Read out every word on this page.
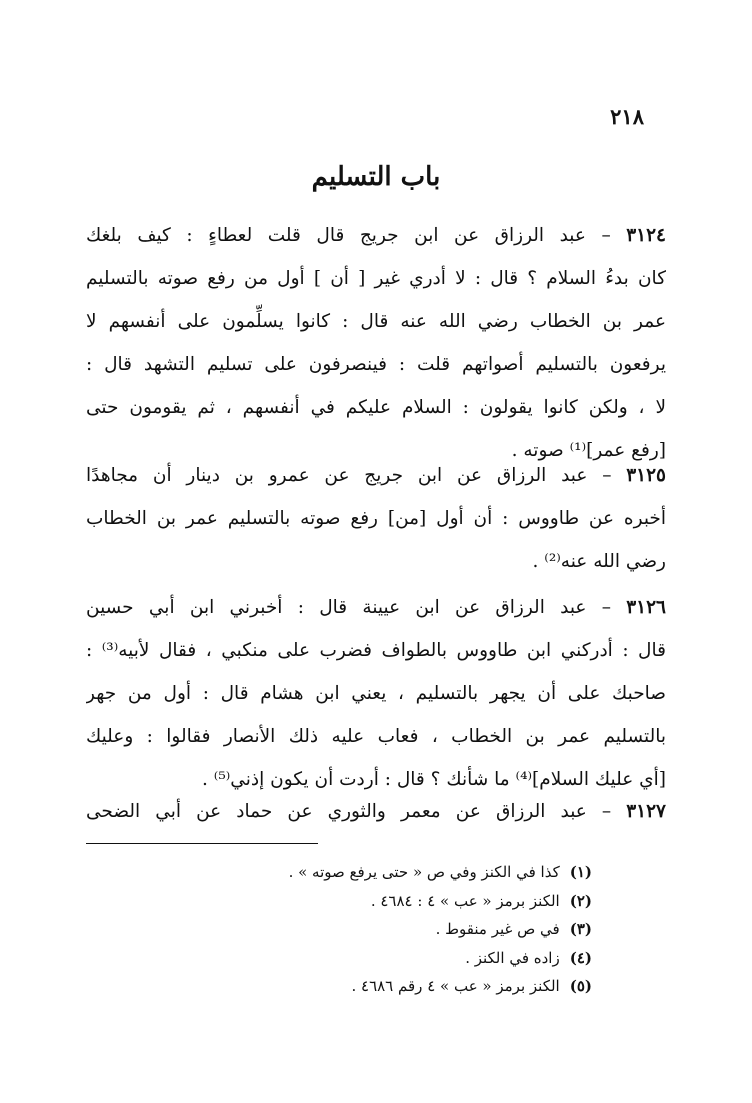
٢١٨
باب التسليم
٣١٢٤ – عبد الرزاق عن ابن جريج قال قلت لعطاءٍ : كيف بلغك
كان بدءُ السلام ؟ قال : لا أدري غير [ أن ] أول من رفع صوته بالتسليم
عمر بن الخطاب رضي الله عنه قال : كانوا يسلِّمون على أنفسهم لا
يرفعون بالتسليم أصواتهم قلت : فينصرفون على تسليم التشهد قال :
لا ، ولكن كانوا يقولون : السلام عليكم في أنفسهم ، ثم يقومون حتى
[رفع عمر]⁽¹⁾ صوته .
٣١٢٥ – عبد الرزاق عن ابن جريج عن عمرو بن دينار أن مجاهدًا
أخبره عن طاووس : أن أول [من] رفع صوته بالتسليم عمر بن الخطاب
رضي الله عنه⁽²⁾ .
٣١٢٦ – عبد الرزاق عن ابن عيينة قال : أخبرني ابن أبي حسين
قال : أدركني ابن طاووس بالطواف فضرب على منكبي ، فقال لأبيه⁽³⁾ :
صاحبك على أن يجهر بالتسليم ، يعني ابن هشام قال : أول من جهر
بالتسليم عمر بن الخطاب ، فعاب عليه ذلك الأنصار فقالوا : وعليك
[أي عليك السلام]⁽⁴⁾ ما شأنك ؟ قال : أردت أن يكون إذني⁽⁵⁾ .
٣١٢٧ – عبد الرزاق عن معمر والثوري عن حماد عن أبي الضحى
(١)كذا في الكنز وفي ص « حتى يرفع صوته » .
(٢)الكنز برمز « عب » ٤ : ٤٦٨٤ .
(٣)في ص غير منقوط .
(٤)زاده في الكنز .
(٥)الكنز برمز « عب » ٤ رقم ٤٦٨٦ .
